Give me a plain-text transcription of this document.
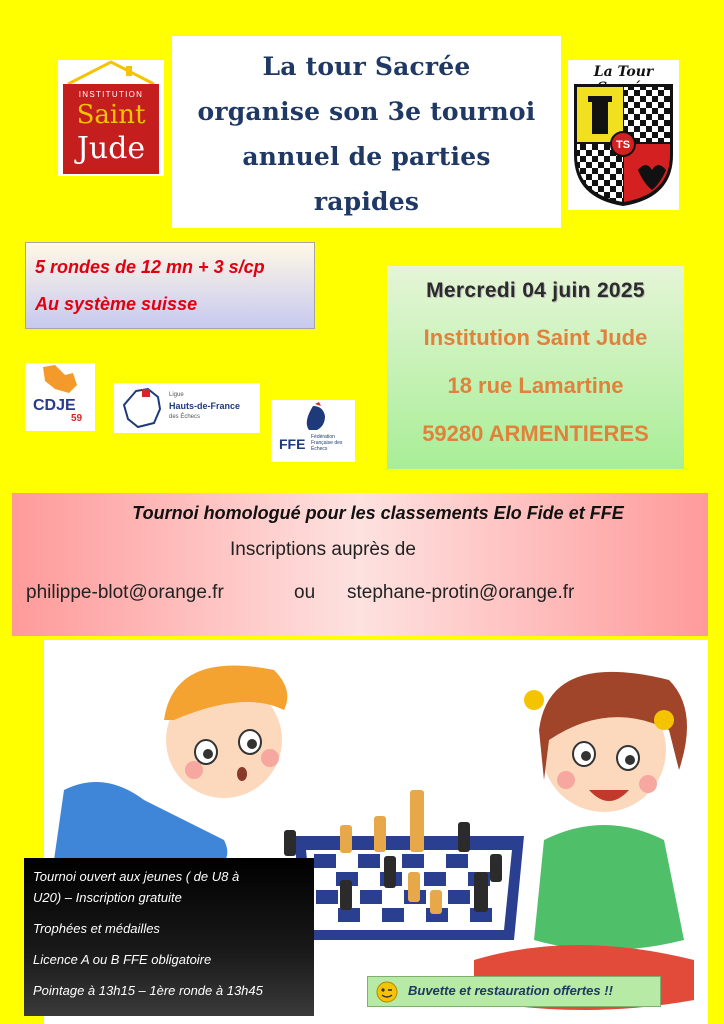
INSTITUTION
Saint
Jude
La tour Sacrée
organise son 3e tournoi
annuel de parties
rapides
La Tour
TS
5 rondes de 12 mn + 3 s/cp
Au système suisse
Mercredi 04 juin 2025
Institution Saint Jude
18 rue Lamartine
59280 ARMENTIERES
CDJE
59
Ligue
Hauts-de-France
des Échecs
FFE Fédération Française des Échecs
Tournoi homologué pour les classements Elo Fide et FFE
Inscriptions auprès de
philippe-blot@orange.fr	ou stephane-protin@orange.fr
Tournoi ouvert aux jeunes ( de U8 à
U20) – Inscription gratuite
Trophées et médailles
Licence A ou B FFE obligatoire
Pointage à 13h15 – 1ère ronde à 13h45	Buvette et restauration offertes !!
